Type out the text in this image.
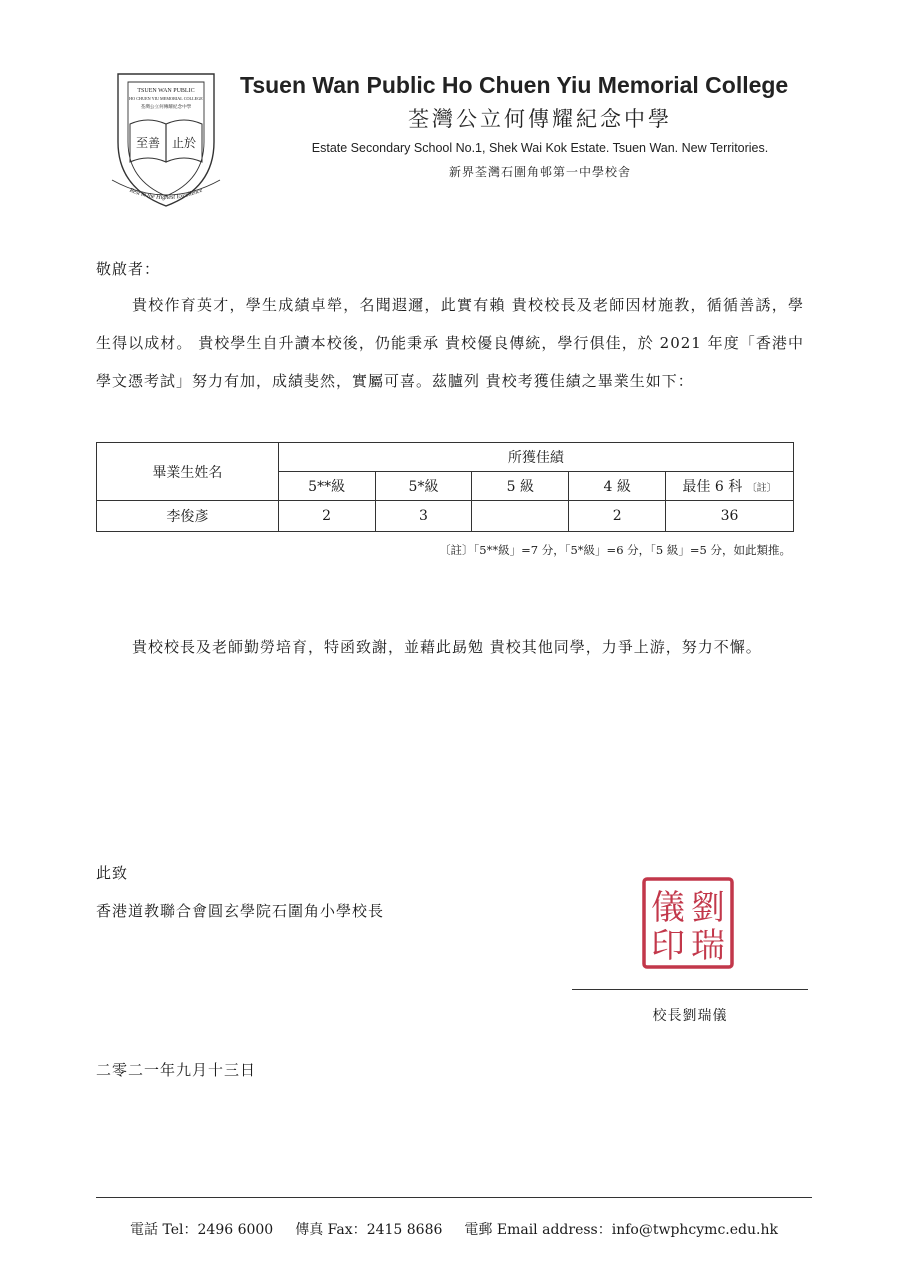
TSUEN WAN PUBLIC
HO CHUEN YIU MEMORIAL COLLEGE
荃灣公立何傳耀紀念中學
至善 止於
Rest in the Highest Excellence
Tsuen Wan Public Ho Chuen Yiu Memorial College
荃灣公立何傳耀紀念中學
Estate Secondary School No.1, Shek Wai Kok Estate. Tsuen Wan. New Territories.
新界荃灣石圍角邨第一中學校舍
敬啟者：
貴校作育英才，學生成績卓犖，名聞遐邇，此實有賴 貴校校長及老師因材施教，循循善誘，學生得以成材。 貴校學生自升讀本校後，仍能秉承 貴校優良傳統，學行俱佳，於 2021 年度「香港中學文憑考試」努力有加，成績斐然，實屬可喜。茲臚列 貴校考獲佳績之畢業生如下：
畢業生姓名	所獲佳績				
	5**級	5*級	5 級	4 級	最佳 6 科 〔註〕
李俊彥	2	3		2	36
〔註〕「5**級」=7 分，「5*級」=6 分，「5 級」=5 分，如此類推。
貴校校長及老師勤勞培育，特函致謝，並藉此勗勉 貴校其他同學，力爭上游，努力不懈。
此致
香港道教聯合會圓玄學院石圍角小學校長	劉
瑞
儀
印
校長劉瑞儀
二零二一年九月十三日
電話 Tel：2496 6000 傳真 Fax：2415 8686 電郵 Email address：info@twphcymc.edu.hk
